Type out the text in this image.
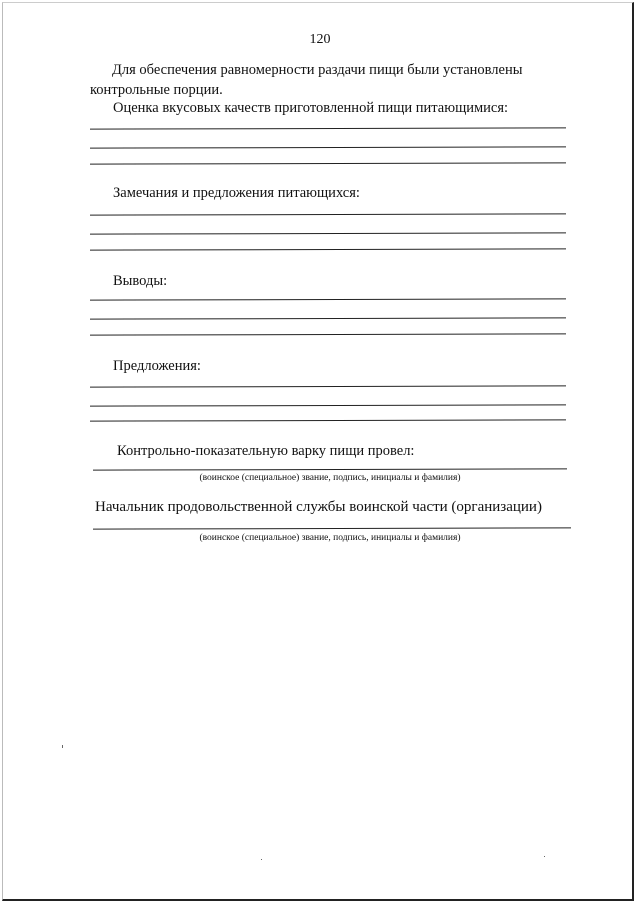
120
Для обеспечения равномерности раздачи пищи были установлены
контрольные порции.
Оценка вкусовых качеств приготовленной пищи питающимися:
Замечания и предложения питающихся:
Выводы:
Предложения:
Контрольно-показательную варку пищи провел:
(воинское (специальное) звание, подпись, инициалы и фамилия)
Начальник продовольственной службы воинской части (организации)
(воинское (специальное) звание, подпись, инициалы и фамилия)
